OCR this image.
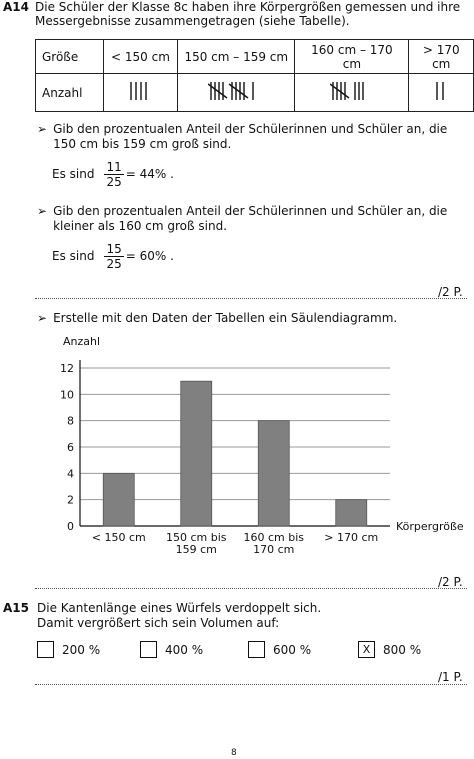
A14 Die Schüler der Klasse 8c haben ihre Körpergrößen gemessen und ihre
Messergebnisse zusammengetragen (siehe Tabelle).
Größe	< 150 cm	150 cm – 159 cm	160 cm – 170 cm	> 170 cm
Anzahl				
➢ Gib den prozentualen Anteil der Schülerinnen und Schüler an, die
150 cm bis 159 cm groß sind.
Es sind $\frac{11}{25} = 44\%$ .
➢ Gib den prozentualen Anteil der Schülerinnen und Schüler an, die
kleiner als 160 cm groß sind.
Es sind $\frac{15}{25} = 60\%$ .
/2 P.
➢ Erstelle mit den Daten der Tabellen ein Säulendiagramm.
0
2
4
6
8
10
12
Anzahl
Körpergröße
< 150 cm 150 cm bis
159 cm
160 cm bis
170 cm
> 170 cm
/2 P.
A15 Die Kantenlänge eines Würfels verdoppelt sich.
Damit vergrößert sich sein Volumen auf:
200 %	400 %	600 %	X	800 %
/1 P.
8
